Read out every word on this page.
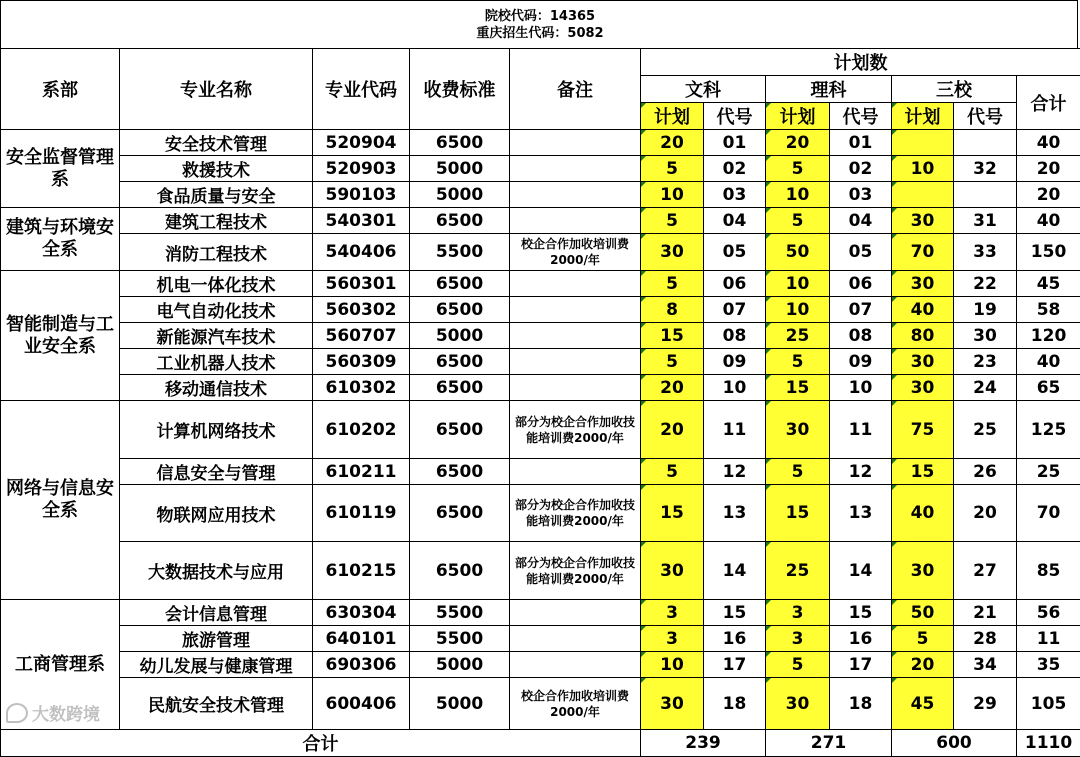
院校代码：14365
重庆招生代码：5082
系部	专业名称	专业代码	收费标准	备注	计划数						
					文科		理科		三校		合计
					计划	代号	计划	代号	计划	代号	
安全监督管理系	安全技术管理	520904	6500		20	01	20	01			40
	救援技术	520903	5000		5	02	5	02	10	32	20
	食品质量与安全	590103	5000		10	03	10	03			20
建筑与环境安全系	建筑工程技术	540301	6500		5	04	5	04	30	31	40
	消防工程技术	540406	5500	校企合作加收培训费2000/年	30	05	50	05	70	33	150
智能制造与工业安全系	机电一体化技术	560301	6500		5	06	10	06	30	22	45
	电气自动化技术	560302	6500		8	07	10	07	40	19	58
	新能源汽车技术	560707	5000		15	08	25	08	80	30	120
	工业机器人技术	560309	6500		5	09	5	09	30	23	40
	移动通信技术	610302	6500		20	10	15	10	30	24	65
网络与信息安全系	计算机网络技术	610202	6500	部分为校企合作加收技能培训费2000/年	20	11	30	11	75	25	125
	信息安全与管理	610211	6500		5	12	5	12	15	26	25
	物联网应用技术	610119	6500	部分为校企合作加收技能培训费2000/年	15	13	15	13	40	20	70
	大数据技术与应用	610215	6500	部分为校企合作加收技能培训费2000/年	30	14	25	14	30	27	85
工商管理系	会计信息管理	630304	5500		3	15	3	15	50	21	56
	旅游管理	640101	5500		3	16	3	16	5	28	11
	幼儿发展与健康管理	690306	5000		10	17	5	17	20	34	35
	民航安全技术管理	600406	5000	校企合作加收培训费2000/年	30	18	30	18	45	29	105
合计					239		271		600		1110
大数跨境
